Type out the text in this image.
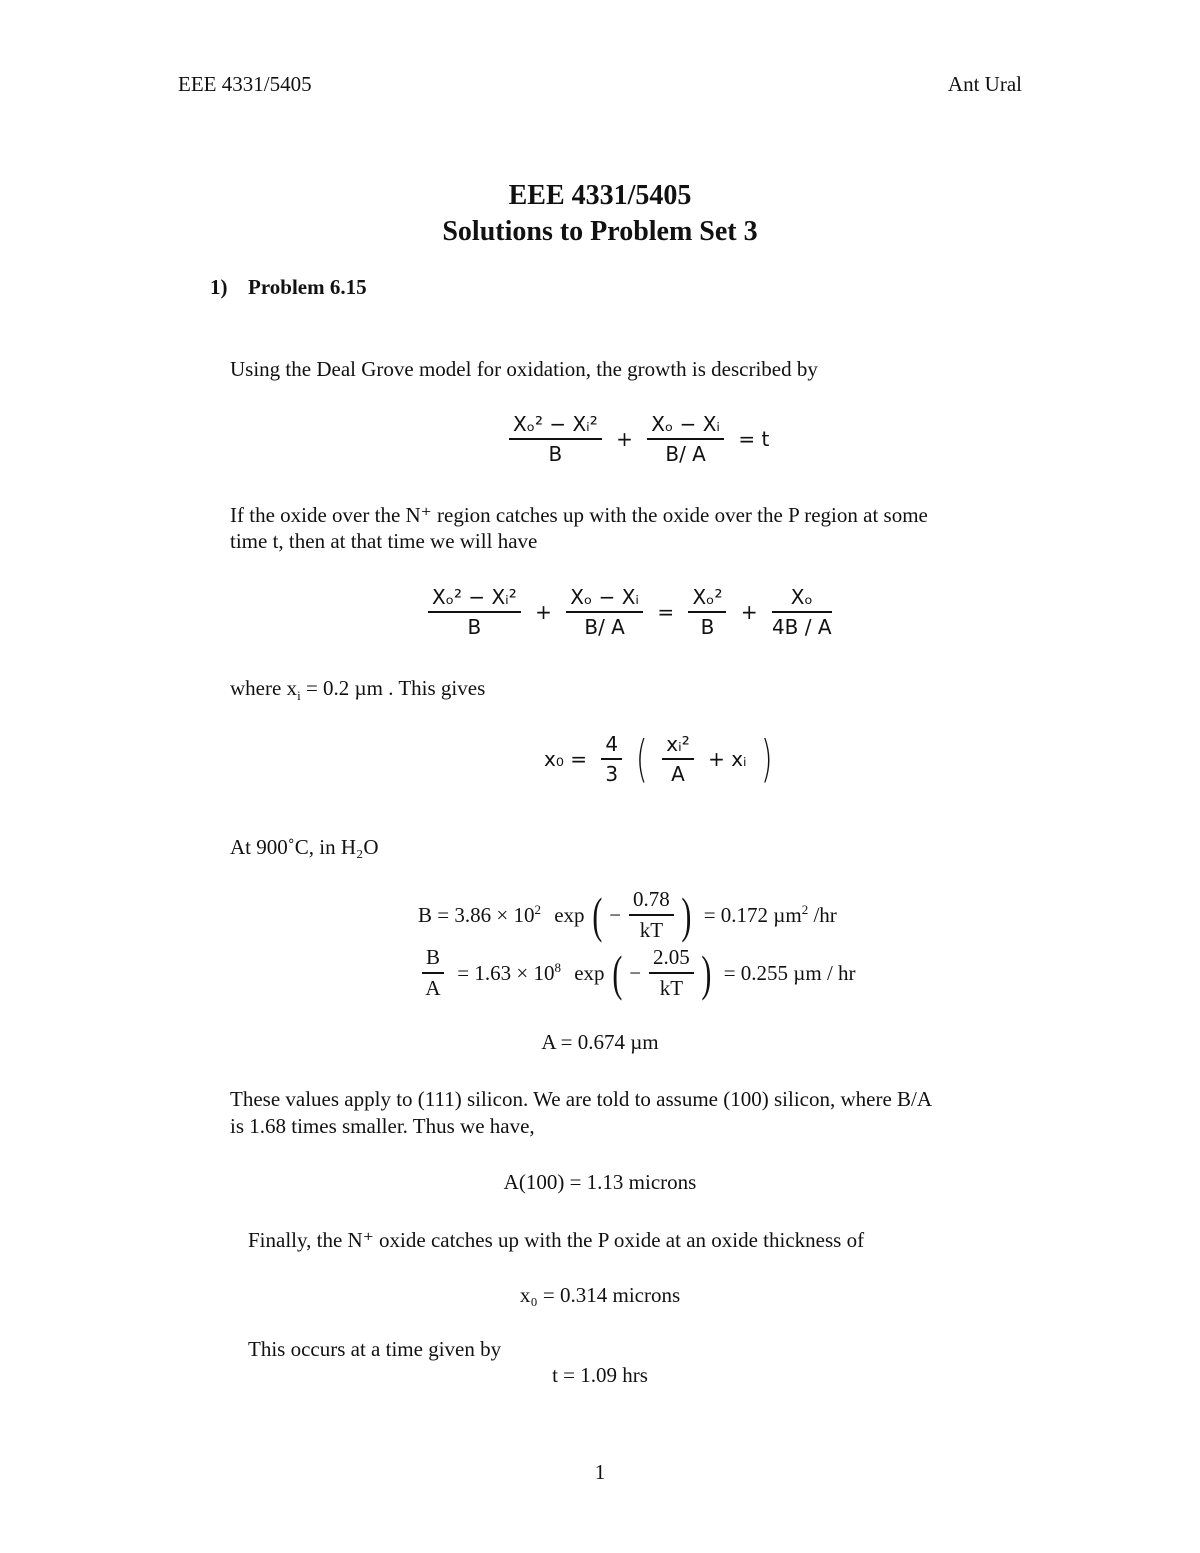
EEE 4331/5405	Ant Ural
EEE 4331/5405
Solutions to Problem Set 3
1) Problem 6.15
Using the Deal Grove model for oxidation, the growth is described by
$\frac{\text{Xₒ² − Xᵢ²}}{B} + \frac{\text{Xₒ − Xᵢ}}{B/ A} = t$
If the oxide over the N⁺ region catches up with the oxide over the P region at some
time t, then at that time we will have
$\frac{\text{Xₒ² − Xᵢ²}}{B} + \frac{\text{Xₒ − Xᵢ}}{B/ A} = \frac{\text{Xₒ²}}{B} + \frac{\text{Xₒ}}{4B / A}$
where $x_i = 0.2$ µm . This gives
$x_0 = \frac{4}{3}$ ( $\frac{\text{xᵢ²}}{A}$ + xᵢ )
At 900˚C, in H₂O
$B = 3.86 \times 10^2$ exp ( − $\frac{0.78}{kT}$ ) = 0.172 µm$^2$ /hr
$\frac{B}{A} = 1.63 \times 10^8$ exp ( − $\frac{2.05}{kT}$ ) = 0.255 µm / hr
A = 0.674 µm
These values apply to (111) silicon. We are told to assume (100) silicon, where B/A
is 1.68 times smaller. Thus we have,
A(100) = 1.13 microns
Finally, the N⁺ oxide catches up with the P oxide at an oxide thickness of
x₀ = 0.314 microns
This occurs at a time given by
t = 1.09 hrs
1
